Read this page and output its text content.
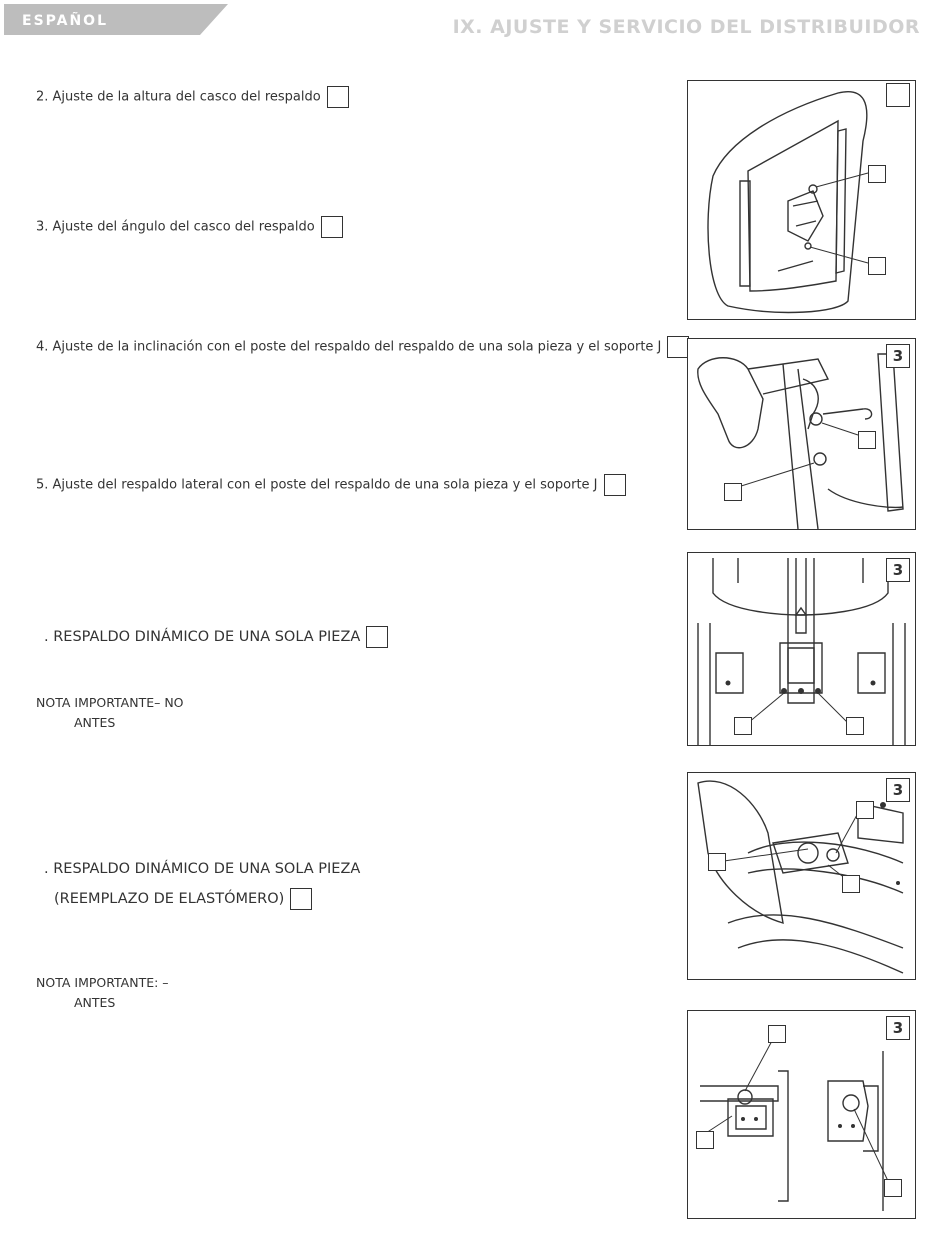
ESPAÑOL	IX. AJUSTE Y SERVICIO DEL DISTRIBUIDOR
2. Ajuste de la altura del casco del respaldo
3. Ajuste del ángulo del casco del respaldo
4. Ajuste de la inclinación con el poste del respaldo del respaldo de una sola pieza y el soporte J
5. Ajuste del respaldo lateral con el poste del respaldo de una sola pieza y el soporte J
. RESPALDO DINÁMICO DE UNA SOLA PIEZA
NOTA IMPORTANTE– NO
ANTES
. RESPALDO DINÁMICO DE UNA SOLA PIEZA
(REEMPLAZO DE ELASTÓMERO)
NOTA IMPORTANTE: –
ANTES
3
3
3
3
